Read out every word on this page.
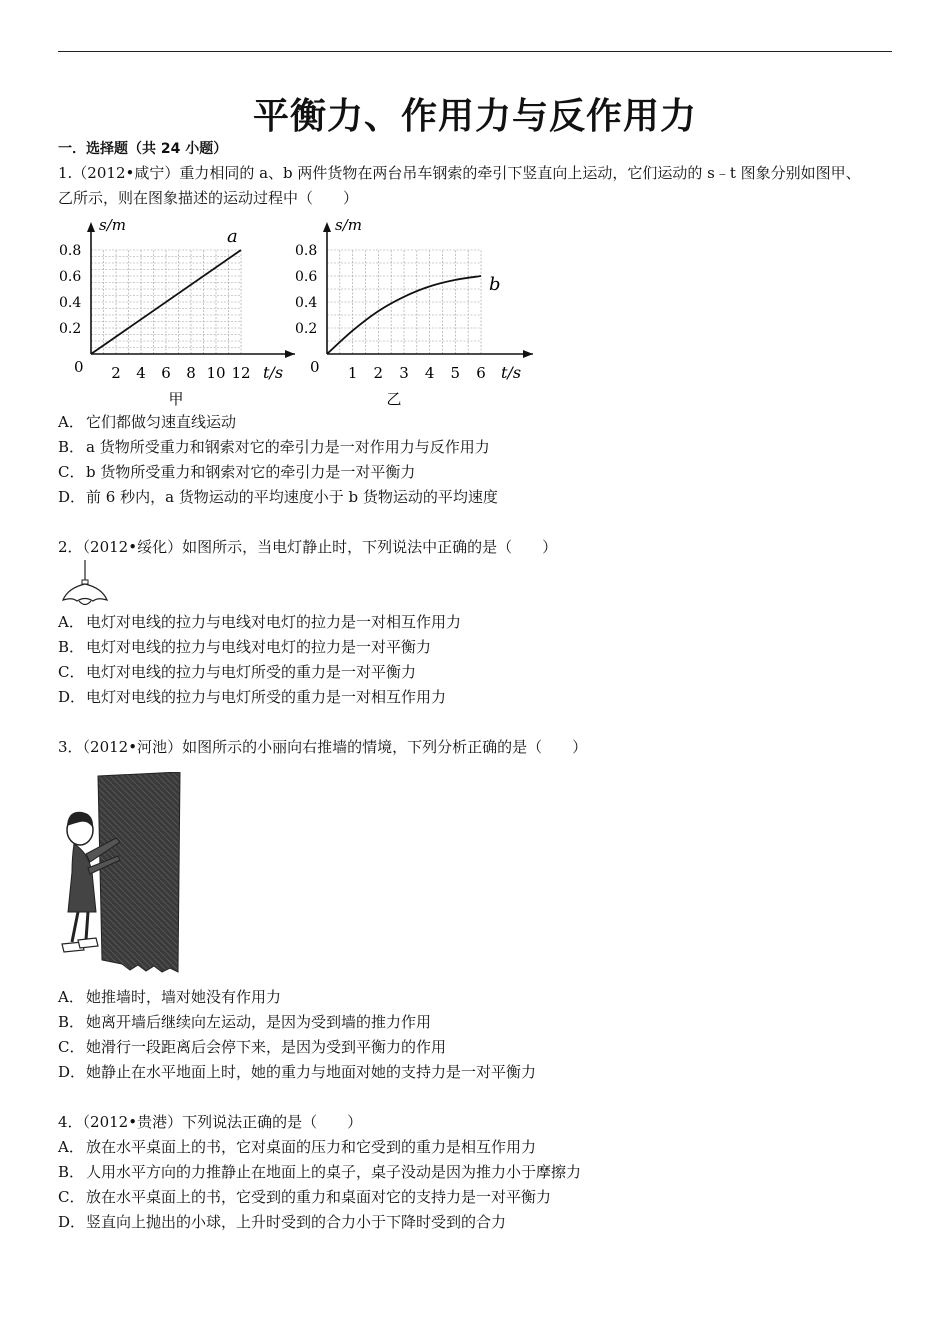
平衡力、作用力与反作用力
一．选择题（共 24 小题）
1.（2012•咸宁）重力相同的 a、b 两件货物在两台吊车钢索的牵引下竖直向上运动，它们运动的 s﹣t 图象分别如图甲、
乙所示，则在图象描述的运动过程中（　　）
s/m
t/s
0
0.2
0.4
0.6
0.8
2 4 6 8 10 12
a
甲
s/m
t/s
0
0.2
0.4
0.6
0.8
1 2 3 4 5 6
b
乙
A． 它们都做匀速直线运动
B． a 货物所受重力和钢索对它的牵引力是一对作用力与反作用力
C． b 货物所受重力和钢索对它的牵引力是一对平衡力
D．前 6 秒内，a 货物运动的平均速度小于 b 货物运动的平均速度
2．（2012•绥化）如图所示，当电灯静止时，下列说法中正确的是（　　）
A． 电灯对电线的拉力与电线对电灯的拉力是一对相互作用力
B． 电灯对电线的拉力与电线对电灯的拉力是一对平衡力
C． 电灯对电线的拉力与电灯所受的重力是一对平衡力
D．电灯对电线的拉力与电灯所受的重力是一对相互作用力
3．（2012•河池）如图所示的小丽向右推墙的情境，下列分析正确的是（　　）
A． 她推墙时，墙对她没有作用力
B． 她离开墙后继续向左运动，是因为受到墙的推力作用
C． 她滑行一段距离后会停下来，是因为受到平衡力的作用
D．她静止在水平地面上时，她的重力与地面对她的支持力是一对平衡力
4．（2012•贵港）下列说法正确的是（　　）
A． 放在水平桌面上的书，它对桌面的压力和它受到的重力是相互作用力
B． 人用水平方向的力推静止在地面上的桌子，桌子没动是因为推力小于摩擦力
C． 放在水平桌面上的书，它受到的重力和桌面对它的支持力是一对平衡力
D．竖直向上抛出的小球，上升时受到的合力小于下降时受到的合力
